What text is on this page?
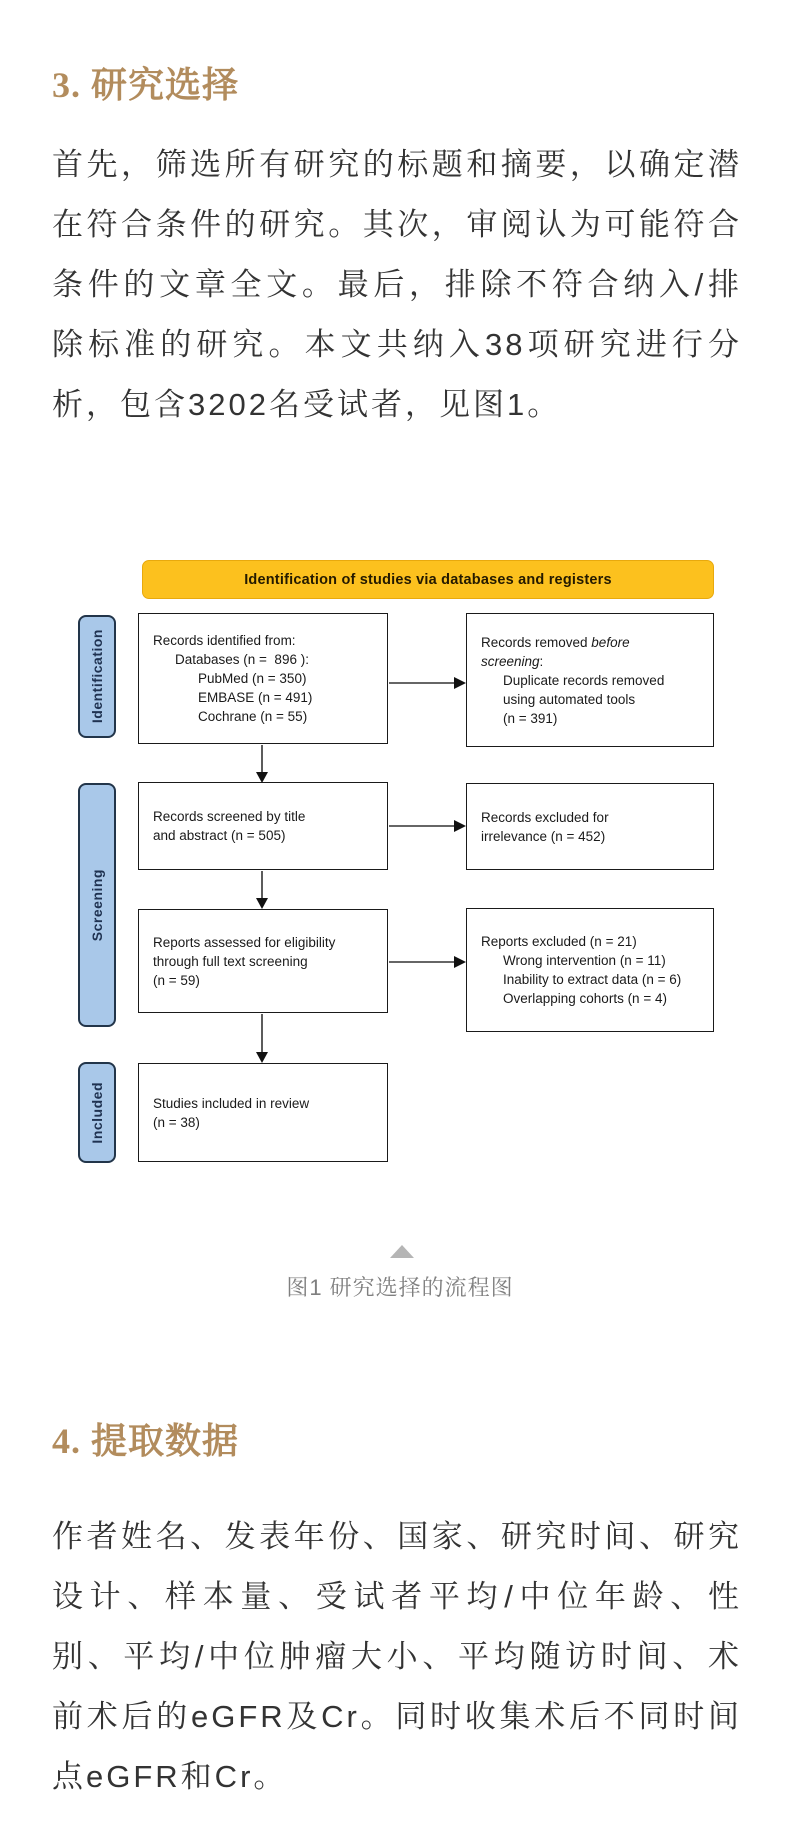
3. 研究选择

首先，筛选所有研究的标题和摘要，以确定潜在符合条件的研究。其次，审阅认为可能符合条件的文章全文。最后，排除不符合纳入/排除标准的研究。本文共纳入38项研究进行分析，包含3202名受试者，见图1。

Identification of studies via databases and registers
Identification
Screening
Included
Records identified from:
Databases (n =  896 ):
PubMed (n = 350)
EMBASE (n = 491)
Cochrane (n = 55)
Records removed before
screening:
Duplicate records removed
using automated tools
(n = 391)
Records screened by title
and abstract (n = 505)
Records excluded for
irrelevance (n = 452)
Reports assessed for eligibility
through full text screening
(n = 59)
Reports excluded (n = 21)
Wrong intervention (n = 11)
Inability to extract data (n = 6)
Overlapping cohorts (n = 4)
Studies included in review
(n = 38)
图1 研究选择的流程图
4. 提取数据

作者姓名、发表年份、国家、研究时间、研究设计、样本量、受试者平均/中位年龄、性别、平均/中位肿瘤大小、平均随访时间、术前术后的eGFR及Cr。同时收集术后不同时间点eGFR和Cr。
